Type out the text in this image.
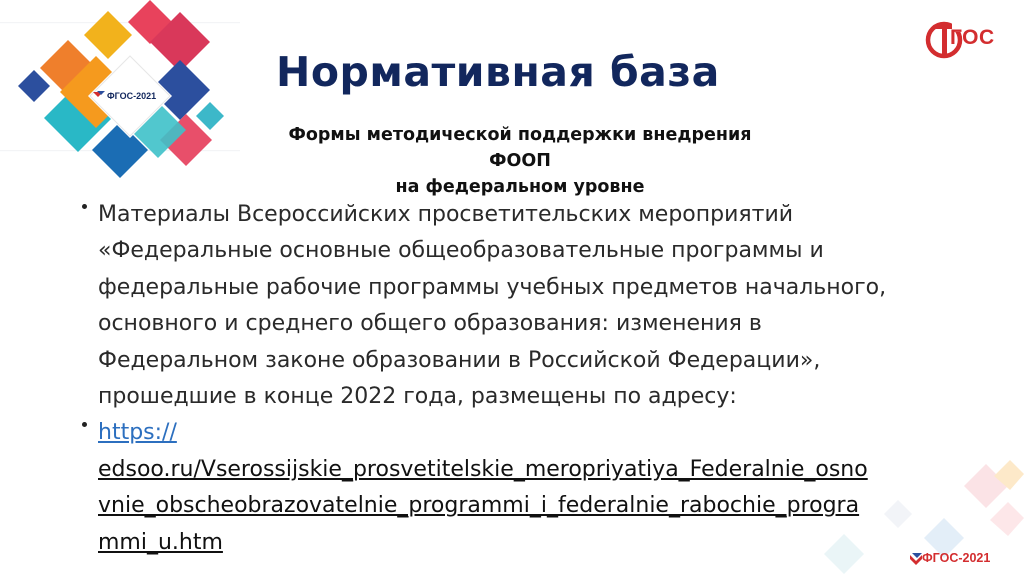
ФГОС-2021
ГОС
Нормативная база
Формы методической поддержки внедрения ФООП
на федеральном уровне

Материалы Всероссийских просветительских мероприятий
«Федеральные основные общеобразовательные программы и
федеральные рабочие программы учебных предметов начального,
основного и среднего общего образования: изменения в
Федеральном законе образовании в Российской Федерации»,
прошедшие в конце 2022 года, размещены по адресу:

https://
edsoo.ru/Vserossijskie_prosvetitelskie_meropriyatiya_Federalnie_osno
vnie_obscheobrazovatelnie_programmi_i_federalnie_rabochie_progra
mmi_u.htm
ФГОС-2021
